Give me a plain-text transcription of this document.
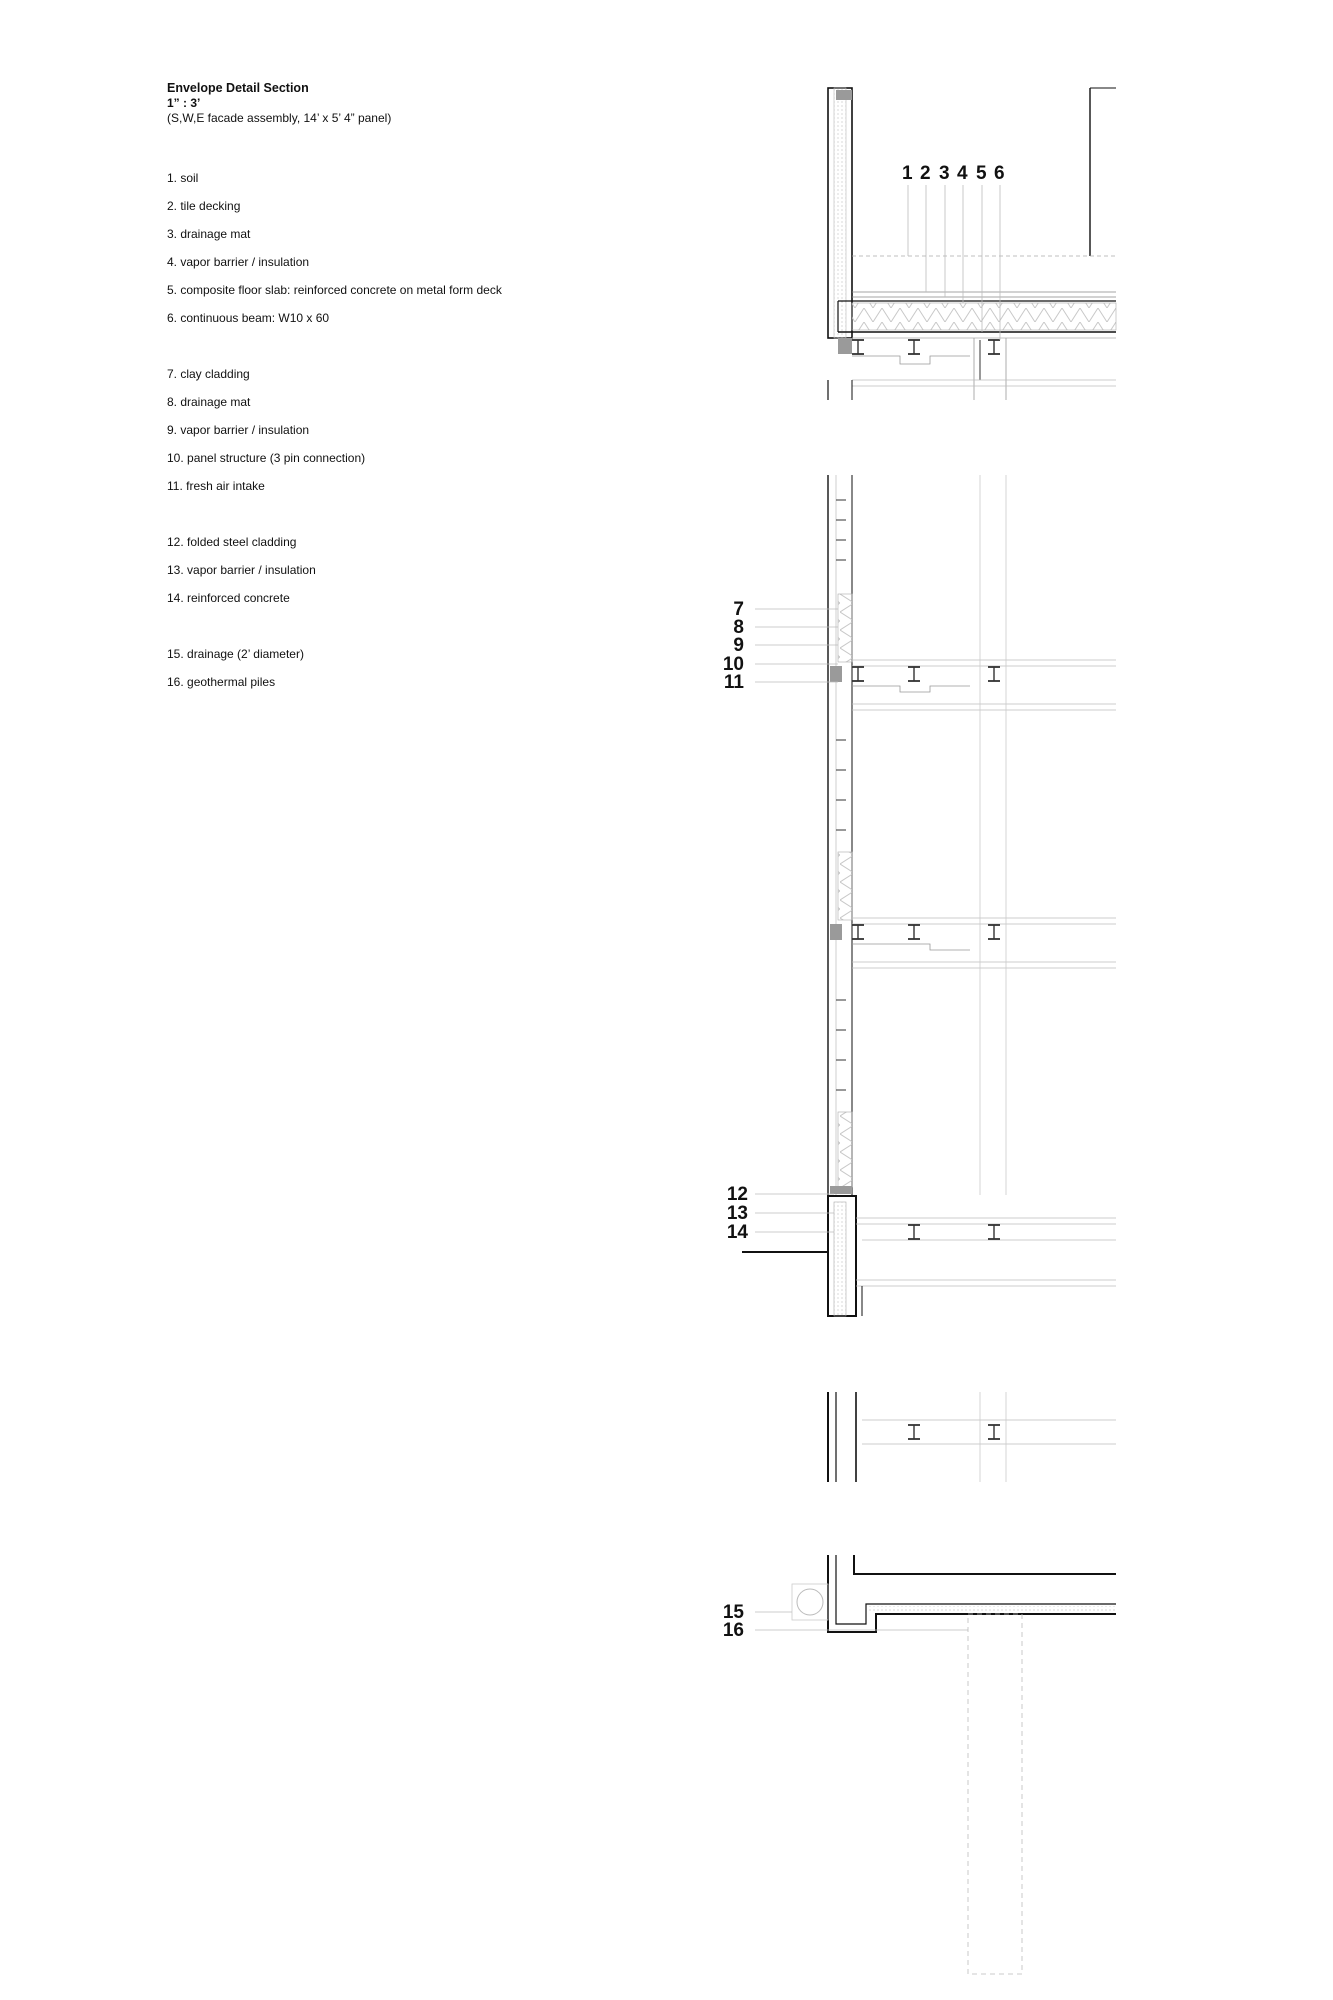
Envelope Detail Section

1” : 3’

(S,W,E facade assembly, 14’ x 5’ 4” panel)

1. soil
2. tile decking
3. drainage mat
4. vapor barrier / insulation
5. composite floor slab: reinforced concrete on metal form deck
6. continuous beam: W10 x 60
7. clay cladding
8. drainage mat
9. vapor barrier / insulation
10. panel structure (3 pin connection)
11. fresh air intake
12. folded steel cladding
13. vapor barrier / insulation
14. reinforced concrete
15. drainage (2’ diameter)
16. geothermal piles
1 2 3 4 5 6
7
8
9
10
11
12
13
14
15
16
